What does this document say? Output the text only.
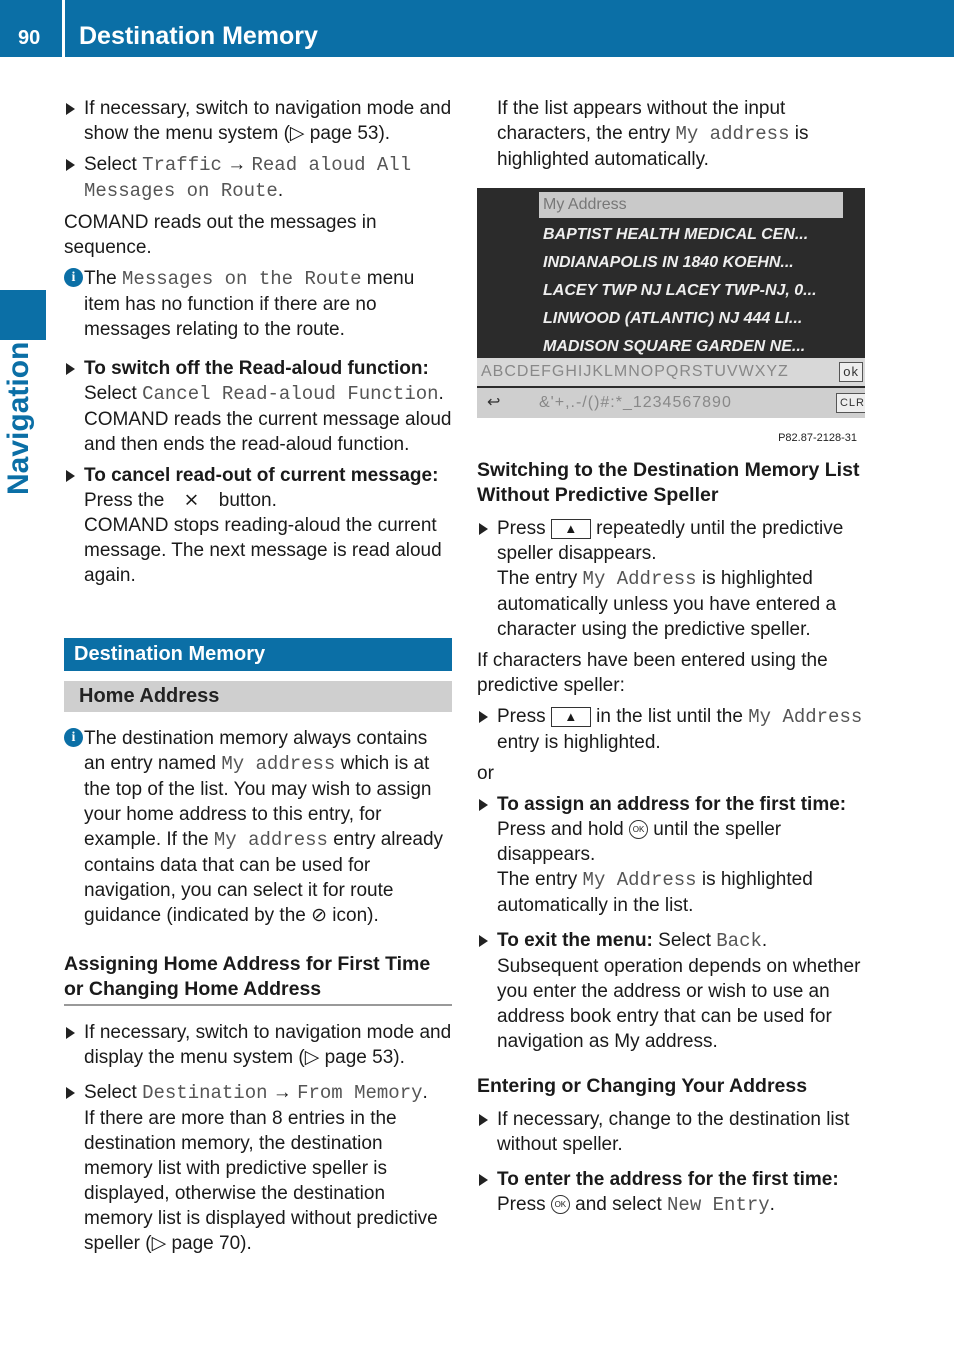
90 Destination Memory
Navigation
If necessary, switch to navigation mode and show the menu system (▷ page 53).
Select Traffic → Read aloud All Messages on Route.

COMAND reads out the messages in sequence.

i The Messages on the Route menu item has no function if there are no messages relating to the route.
To switch off the Read-aloud function:
Select Cancel Read-aloud Function. COMAND reads the current message aloud and then ends the read-aloud function.
To cancel read-out of current message:
Press the ⨯ button.
COMAND stops reading-aloud the current message. The next message is read aloud again.
Destination Memory
Home Address
i The destination memory always contains an entry named My address which is at the top of the list. You may wish to assign your home address to this entry, for example. If the My address entry already contains data that can be used for navigation, you can select it for route guidance (indicated by the ⊘ icon).
Assigning Home Address for First Time or Changing Home Address
If necessary, switch to navigation mode and display the menu system (▷ page 53).
Select Destination → From Memory.
If there are more than 8 entries in the destination memory, the destination memory list with predictive speller is displayed, otherwise the destination memory list is displayed without predictive speller (▷ page 70).

If the list appears without the input characters, the entry My address is highlighted automatically.

My Address
BAPTIST HEALTH MEDICAL CEN...
INDIANAPOLIS IN 1840 KOEHN...
LACEY TWP NJ LACEY TWP-NJ, 0...
LINWOOD (ATLANTIC) NJ 444 LI...
MADISON SQUARE GARDEN NE...
ABCDEFGHIJKLMNOPQRSTUVWXYZ	ok
↩ &'+,.-/()#:*_1234567890	CLR
P82.87-2128-31
Switching to the Destination Memory List Without Predictive Speller
Press ▲ repeatedly until the predictive speller disappears.
The entry My Address is highlighted automatically unless you have entered a character using the predictive speller.

If characters have been entered using the predictive speller:

Press ▲ in the list until the My Address entry is highlighted.

or

To assign an address for the first time:
Press and hold OK until the speller disappears.
The entry My Address is highlighted automatically in the list.
To exit the menu: Select Back.
Subsequent operation depends on whether you enter the address or wish to use an address book entry that can be used for navigation as My address.
Entering or Changing Your Address
If necessary, change to the destination list without speller.
To enter the address for the first time:
Press OK and select New Entry.
